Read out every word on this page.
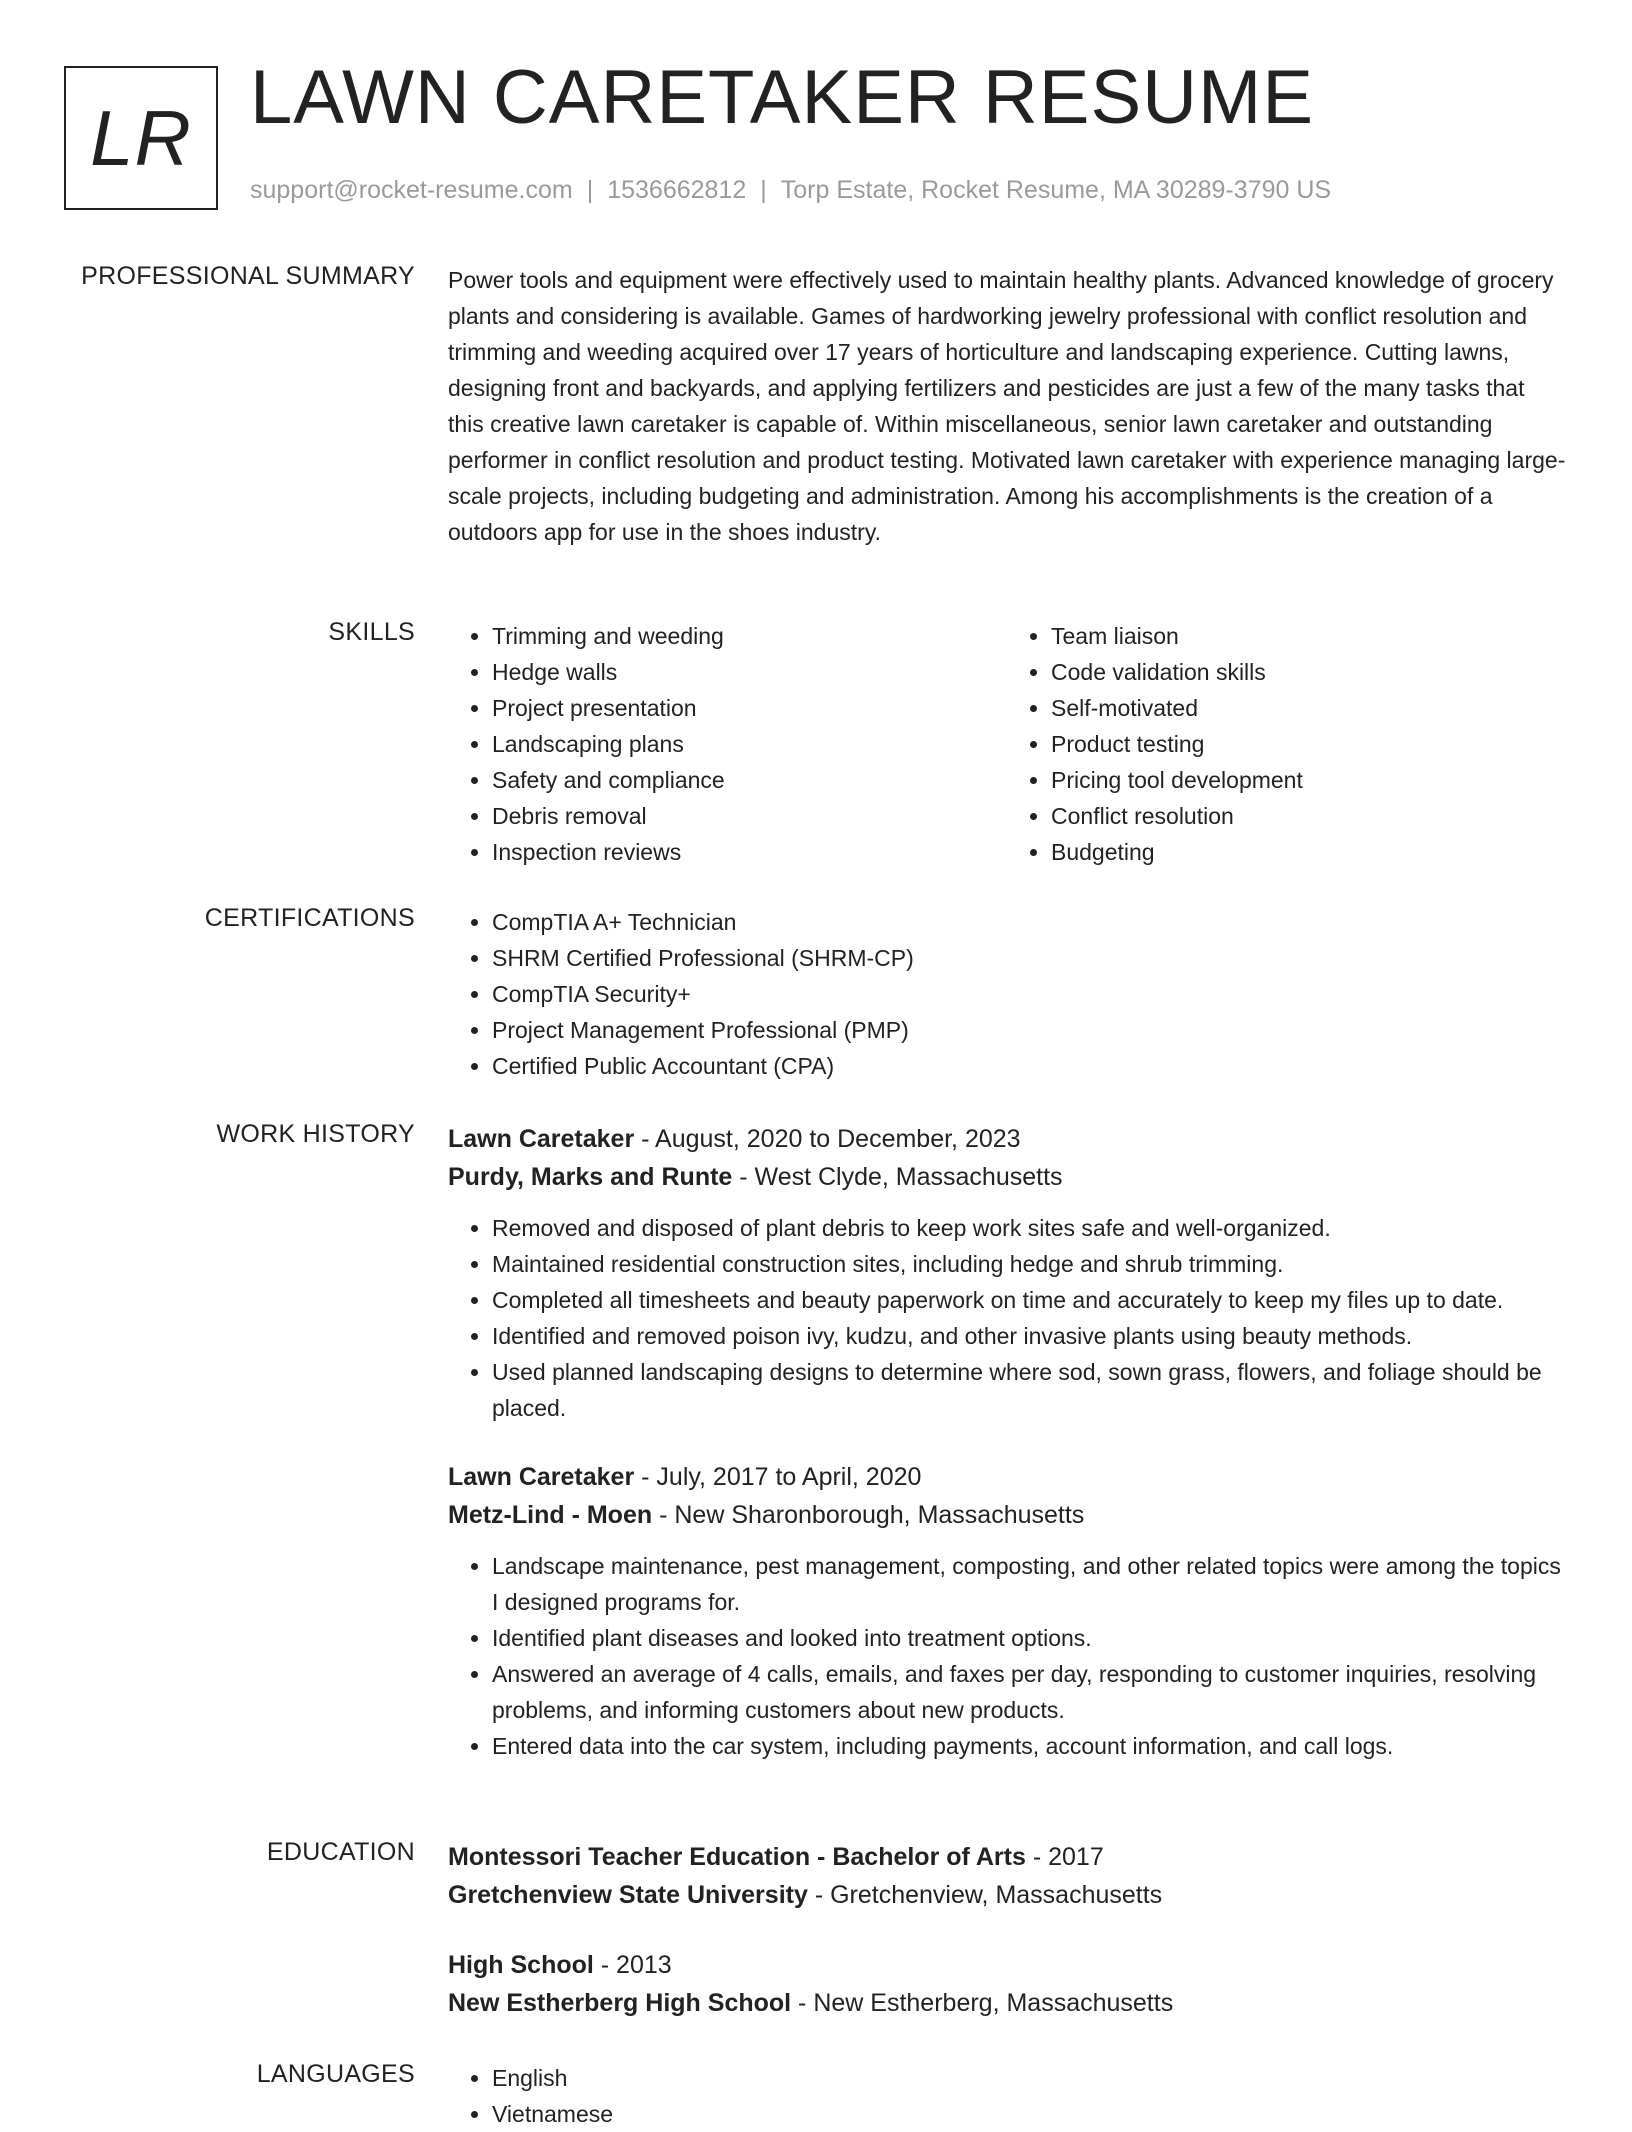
LR LAWN CARETAKER RESUME
support@rocket-resume.com | 1536662812 | Torp Estate, Rocket Resume, MA 30289-3790 US
PROFESSIONAL SUMMARY Power tools and equipment were effectively used to maintain healthy plants. Advanced knowledge of grocery plants and considering is available. Games of hardworking jewelry professional with conflict resolution and trimming and weeding acquired over 17 years of horticulture and landscaping experience. Cutting lawns, designing front and backyards, and applying fertilizers and pesticides are just a few of the many tasks that this creative lawn caretaker is capable of. Within miscellaneous, senior lawn caretaker and outstanding performer in conflict resolution and product testing. Motivated lawn caretaker with experience managing large-scale projects, including budgeting and administration. Among his accomplishments is the creation of a outdoors app for use in the shoes industry.

SKILLS	• Trimming and weeding
• Hedge walls
• Project presentation
• Landscaping plans
• Safety and compliance
• Debris removal
• Inspection reviews
• Team liaison
• Code validation skills
• Self-motivated
• Product testing
• Pricing tool development
• Conflict resolution
• Budgeting
CERTIFICATIONS	• CompTIA A+ Technician
• SHRM Certified Professional (SHRM-CP)
• CompTIA Security+
• Project Management Professional (PMP)
• Certified Public Accountant (CPA)
WORK HISTORY Lawn Caretaker - August, 2020 to December, 2023
Purdy, Marks and Runte - West Clyde, Massachusetts
• Removed and disposed of plant debris to keep work sites safe and well-organized.
• Maintained residential construction sites, including hedge and shrub trimming.
• Completed all timesheets and beauty paperwork on time and accurately to keep my files up to date.
• Identified and removed poison ivy, kudzu, and other invasive plants using beauty methods.
• Used planned landscaping designs to determine where sod, sown grass, flowers, and foliage should be placed.
Lawn Caretaker - July, 2017 to April, 2020
Metz-Lind - Moen - New Sharonborough, Massachusetts
• Landscape maintenance, pest management, composting, and other related topics were among the topics I designed programs for.
• Identified plant diseases and looked into treatment options.
• Answered an average of 4 calls, emails, and faxes per day, responding to customer inquiries, resolving problems, and informing customers about new products.
• Entered data into the car system, including payments, account information, and call logs.
EDUCATION Montessori Teacher Education - Bachelor of Arts - 2017
Gretchenview State University - Gretchenview, Massachusetts
High School - 2013
New Estherberg High School - New Estherberg, Massachusetts
LANGUAGES	• English
• Vietnamese
